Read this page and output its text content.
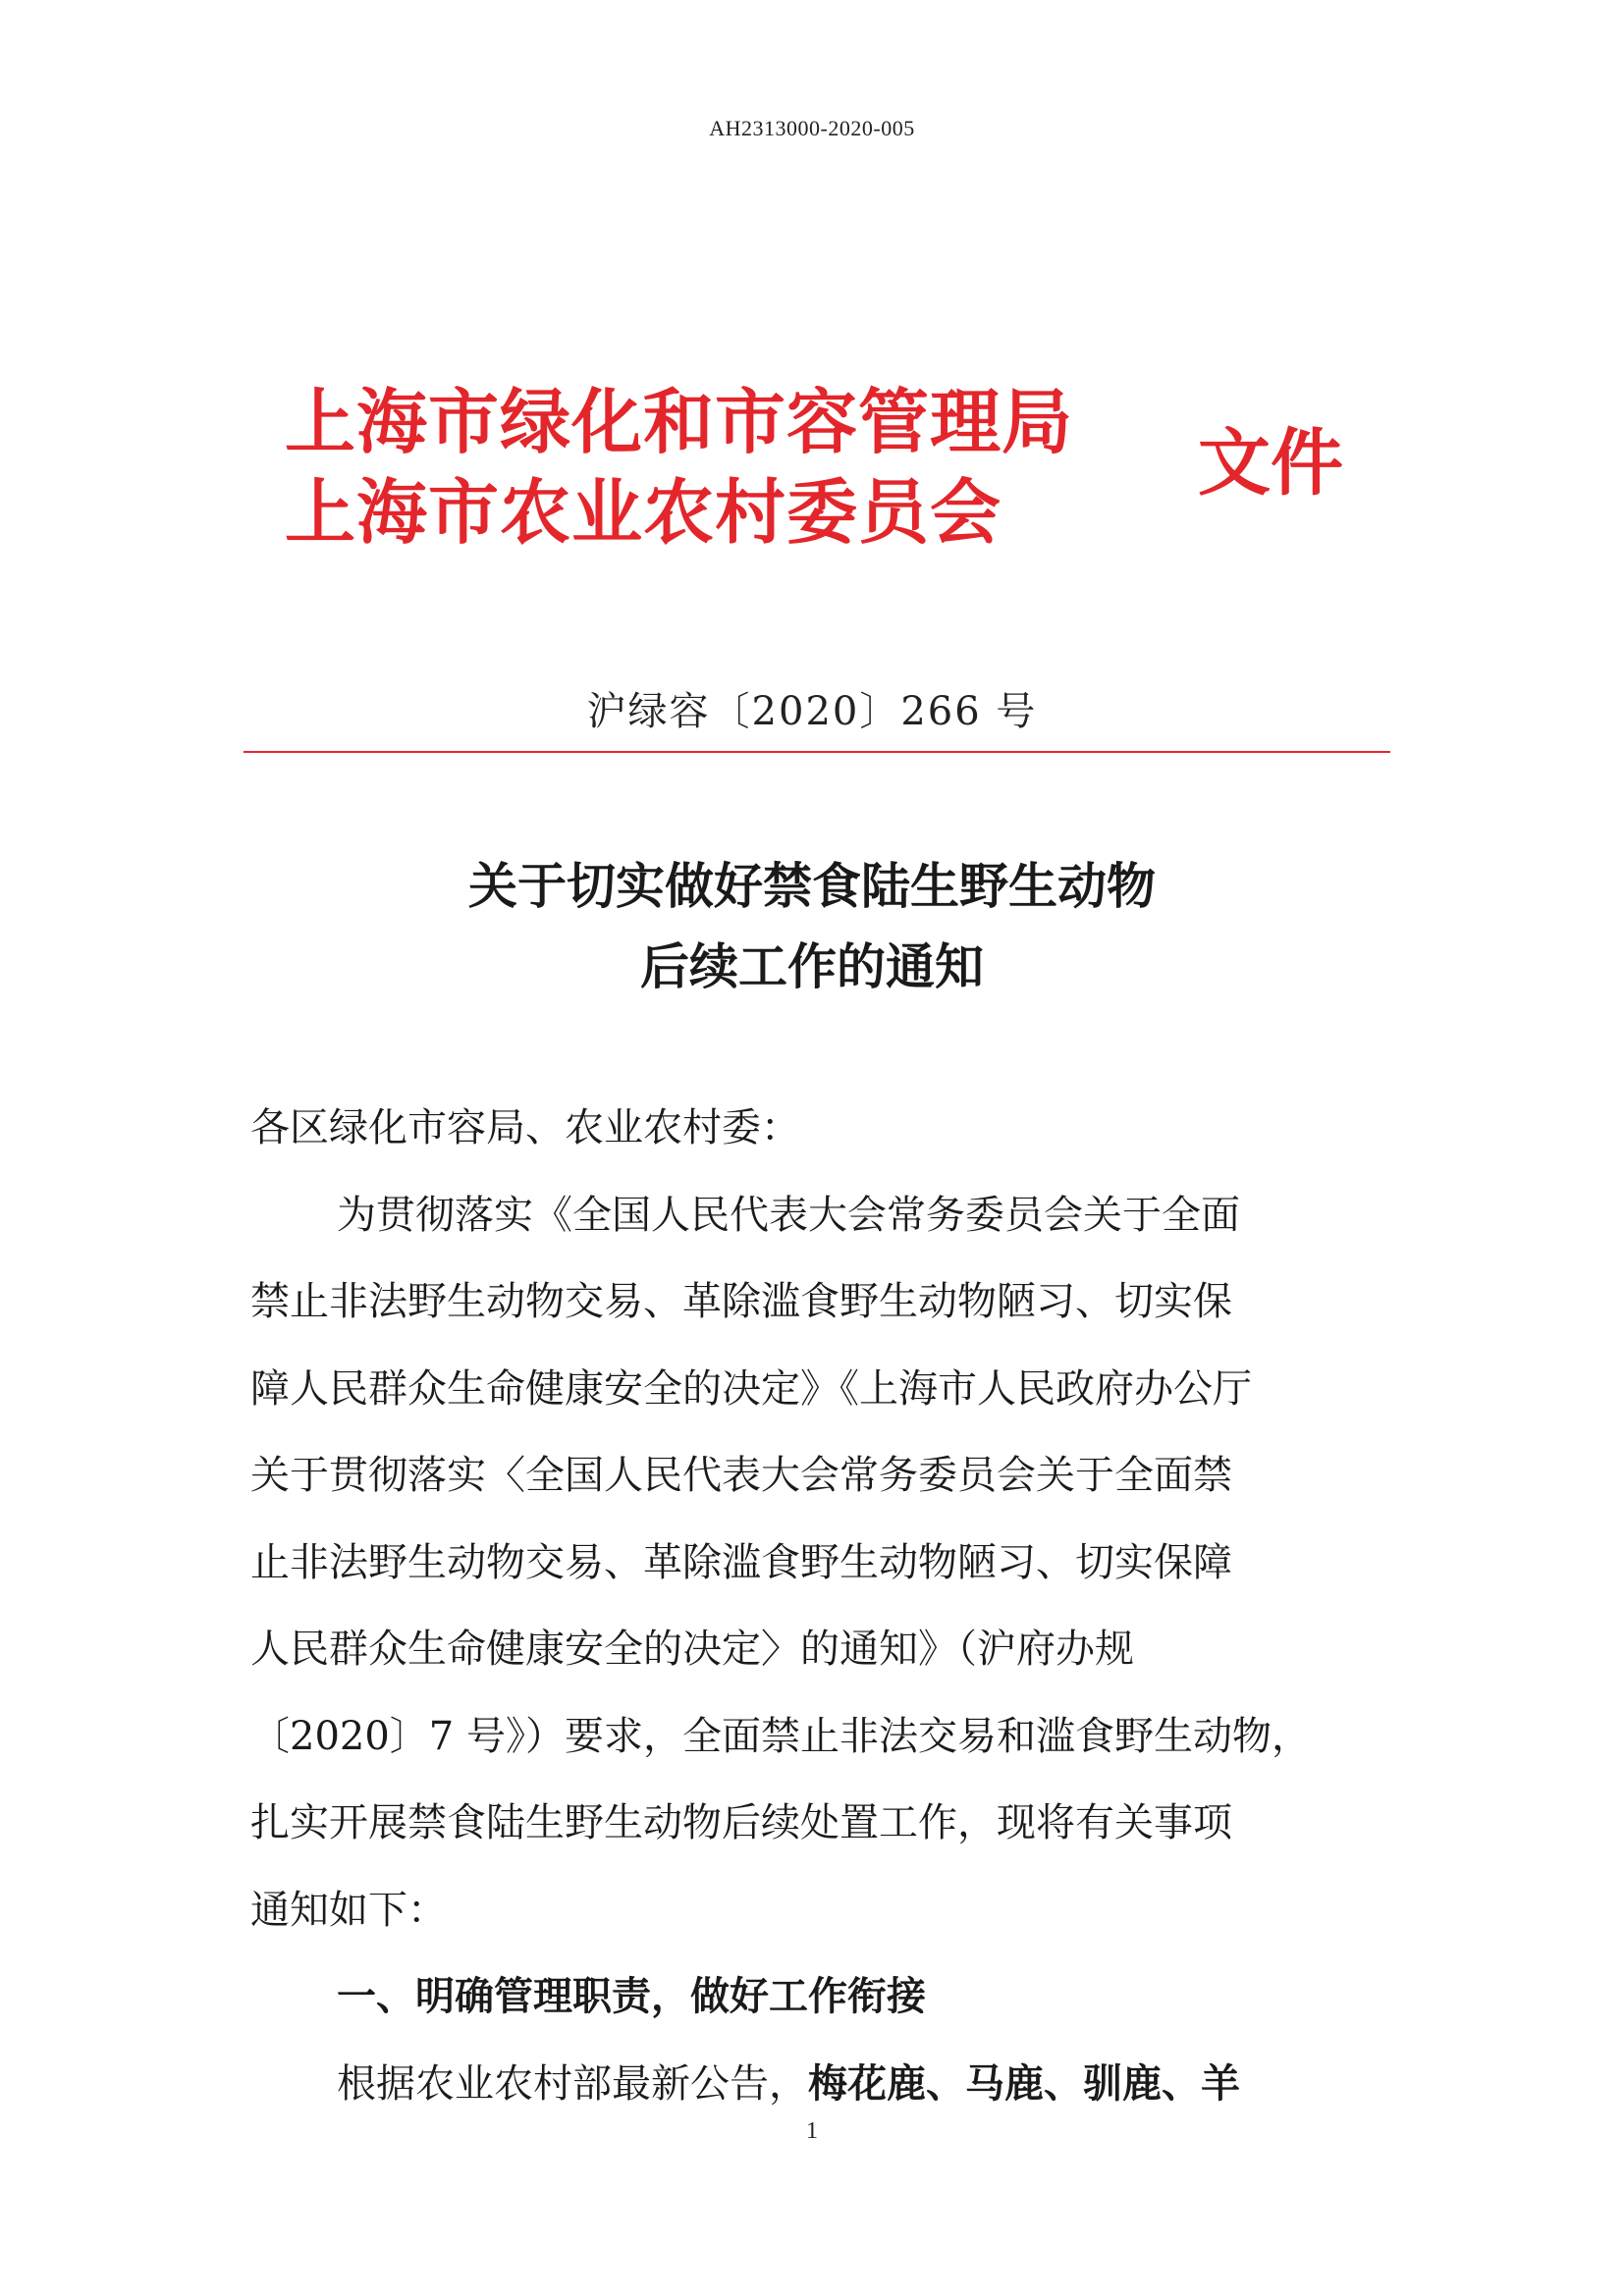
AH2313000-2020-005
上海市绿化和市容管理局
上海市农业农村委员会
文件
沪绿容〔2020〕266 号
关于切实做好禁食陆生野生动物
后续工作的通知
各区绿化市容局、农业农村委：
为贯彻落实《全国人民代表大会常务委员会关于全面
禁止非法野生动物交易、革除滥食野生动物陋习、切实保
障人民群众生命健康安全的决定》《上海市人民政府办公厅
关于贯彻落实〈全国人民代表大会常务委员会关于全面禁
止非法野生动物交易、革除滥食野生动物陋习、切实保障
人民群众生命健康安全的决定〉的通知》（沪府办规
〔2020〕7 号》）要求，全面禁止非法交易和滥食野生动物，
扎实开展禁食陆生野生动物后续处置工作，现将有关事项
通知如下：
一、明确管理职责，做好工作衔接
根据农业农村部最新公告，梅花鹿、马鹿、驯鹿、羊
1
